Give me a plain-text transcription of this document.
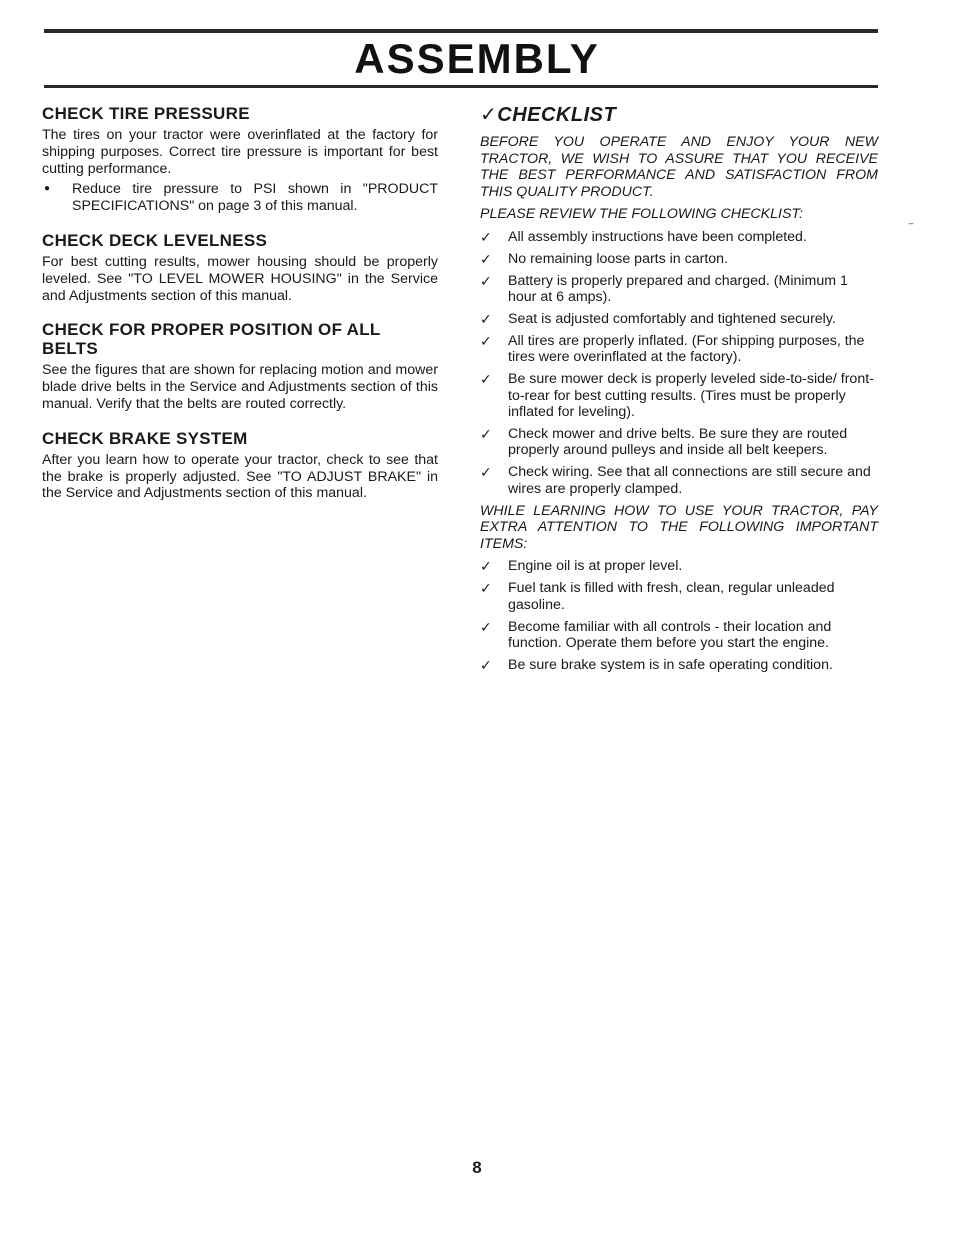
ASSEMBLY
‾
CHECK TIRE PRESSURE

The tires on your tractor were overinflated at the factory for shipping purposes. Correct tire pressure is important for best cutting performance.

●	Reduce tire pressure to PSI shown in "PRODUCT SPECIFICATIONS" on page 3 of this manual.
CHECK DECK LEVELNESS

For best cutting results, mower housing should be properly leveled. See "TO LEVEL MOWER HOUSING" in the Service and Adjustments section of this manual.

CHECK FOR PROPER POSITION OF ALL BELTS

See the figures that are shown for replacing motion and mower blade drive belts in the Service and Adjustments section of this manual. Verify that the belts are routed correctly.

CHECK BRAKE SYSTEM

After you learn how to operate your tractor, check to see that the brake is properly adjusted. See "TO ADJUST BRAKE" in the Service and Adjustments section of this manual.

✓CHECKLIST

BEFORE YOU OPERATE AND ENJOY YOUR NEW TRACTOR, WE WISH TO ASSURE THAT YOU RECEIVE THE BEST PERFORMANCE AND SATISFACTION FROM THIS QUALITY PRODUCT.

PLEASE REVIEW THE FOLLOWING CHECKLIST:

✓	All assembly instructions have been completed.
✓	No remaining loose parts in carton.
✓	Battery is properly prepared and charged. (Minimum 1 hour at 6 amps).
✓	Seat is adjusted comfortably and tightened securely.
✓	All tires are properly inflated. (For shipping purposes, the tires were overinflated at the factory).
✓	Be sure mower deck is properly leveled side-to-side/ front-to-rear for best cutting results. (Tires must be properly inflated for leveling).
✓	Check mower and drive belts. Be sure they are routed properly around pulleys and inside all belt keepers.
✓	Check wiring. See that all connections are still secure and wires are properly clamped.

WHILE LEARNING HOW TO USE YOUR TRACTOR, PAY EXTRA ATTENTION TO THE FOLLOWING IMPORTANT ITEMS:

✓	Engine oil is at proper level.
✓	Fuel tank is filled with fresh, clean, regular unleaded gasoline.
✓	Become familiar with all controls - their location and function. Operate them before you start the engine.
✓	Be sure brake system is in safe operating condition.
8
